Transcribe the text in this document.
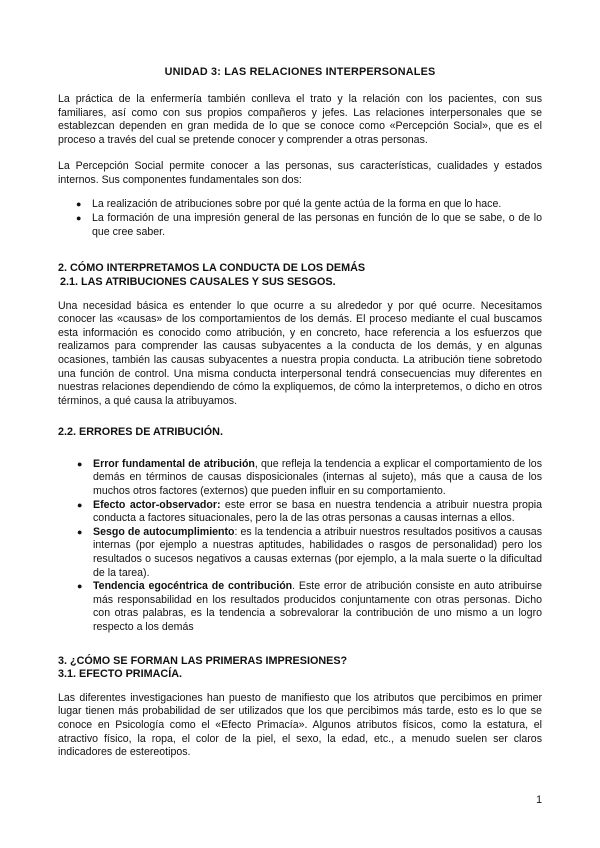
UNIDAD 3: LAS RELACIONES INTERPERSONALES

La práctica de la enfermería también conlleva el trato y la relación con los pacientes, con sus familiares, así como con sus propios compañeros y jefes. Las relaciones interpersonales que se establezcan dependen en gran medida de lo que se conoce como «Percepción Social», que es el proceso a través del cual se pretende conocer y comprender a otras personas.

La Percepción Social permite conocer a las personas, sus características, cualidades y estados internos. Sus componentes fundamentales son dos:

● La realización de atribuciones sobre por qué la gente actúa de la forma en que lo hace.
● La formación de una impresión general de las personas en función de lo que se sabe, o de lo que cree saber.

2. CÓMO INTERPRETAMOS LA CONDUCTA DE LOS DEMÁS

2.1. LAS ATRIBUCIONES CAUSALES Y SUS SESGOS.

Una necesidad básica es entender lo que ocurre a su alrededor y por qué ocurre. Necesitamos conocer las «causas» de los comportamientos de los demás. El proceso mediante el cual buscamos esta información es conocido como atribución, y en concreto, hace referencia a los esfuerzos que realizamos para comprender las causas subyacentes a la conducta de los demás, y en algunas ocasiones, también las causas subyacentes a nuestra propia conducta. La atribución tiene sobretodo una función de control. Una misma conducta interpersonal tendrá consecuencias muy diferentes en nuestras relaciones dependiendo de cómo la expliquemos, de cómo la interpretemos, o dicho en otros términos, a qué causa la atribuyamos.

2.2. ERRORES DE ATRIBUCIÓN.

● Error fundamental de atribución, que refleja la tendencia a explicar el comportamiento de los demás en términos de causas disposicionales (internas al sujeto), más que a causa de los muchos otros factores (externos) que pueden influir en su comportamiento.
● Efecto actor-observador: este error se basa en nuestra tendencia a atribuir nuestra propia conducta a factores situacionales, pero la de las otras personas a causas internas a ellos.
● Sesgo de autocumplimiento: es la tendencia a atribuir nuestros resultados positivos a causas internas (por ejemplo a nuestras aptitudes, habilidades o rasgos de personalidad) pero los resultados o sucesos negativos a causas externas (por ejemplo, a la mala suerte o la dificultad de la tarea).
● Tendencia egocéntrica de contribución. Este error de atribución consiste en auto atribuirse más responsabilidad en los resultados producidos conjuntamente con otras personas. Dicho con otras palabras, es la tendencia a sobrevalorar la contribución de uno mismo a un logro respecto a los demás

3. ¿CÓMO SE FORMAN LAS PRIMERAS IMPRESIONES?

3.1. EFECTO PRIMACÍA.

Las diferentes investigaciones han puesto de manifiesto que los atributos que percibimos en primer lugar tienen más probabilidad de ser utilizados que los que percibimos más tarde, esto es lo que se conoce en Psicología como el «Efecto Primacía». Algunos atributos físicos, como la estatura, el atractivo físico, la ropa, el color de la piel, el sexo, la edad, etc., a menudo suelen ser claros indicadores de estereotipos.

1
